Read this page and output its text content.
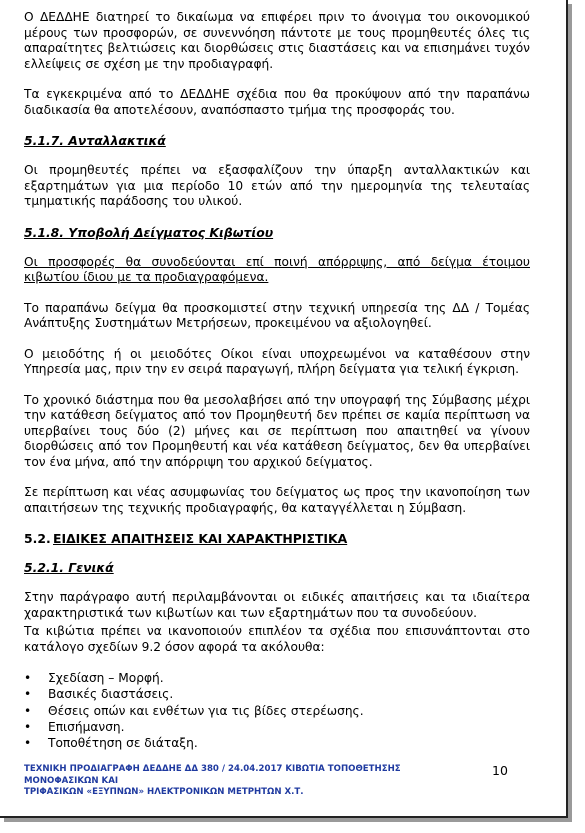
Ο ΔΕΔΔΗΕ διατηρεί το δικαίωμα να επιφέρει πριν το άνοιγμα του οικονομικού μέρους των προσφορών, σε συνεννόηση πάντοτε με τους προμηθευτές όλες τις απαραίτητες βελτιώσεις και διορθώσεις στις διαστάσεις και να επισημάνει τυχόν ελλείψεις σε σχέση με την προδιαγραφή.

Τα εγκεκριμένα από το ΔΕΔΔΗΕ σχέδια που θα προκύψουν από την παραπάνω διαδικασία θα αποτελέσουν, αναπόσπαστο τμήμα της προσφοράς του.

5.1.7. Ανταλλακτικά

Οι προμηθευτές πρέπει να εξασφαλίζουν την ύπαρξη ανταλλακτικών και εξαρτημάτων για μια περίοδο 10 ετών από την ημερομηνία της τελευταίας τμηματικής παράδοσης του υλικού.

5.1.8. Υποβολή Δείγματος Κιβωτίου

Οι προσφορές θα συνοδεύονται επί ποινή απόρριψης, από δείγμα έτοιμου κιβωτίου ίδιου με τα προδιαγραφόμενα.

Το παραπάνω δείγμα θα προσκομιστεί στην τεχνική υπηρεσία της ΔΔ / Τομέας Ανάπτυξης Συστημάτων Μετρήσεων, προκειμένου να αξιολογηθεί.

Ο μειοδότης ή οι μειοδότες Οίκοι είναι υποχρεωμένοι να καταθέσουν στην Υπηρεσία μας, πριν την εν σειρά παραγωγή, πλήρη δείγματα για τελική έγκριση.

Το χρονικό διάστημα που θα μεσολαβήσει από την υπογραφή της Σύμβασης μέχρι την κατάθεση δείγματος από τον Προμηθευτή δεν πρέπει σε καμία περίπτωση να υπερβαίνει τους δύο (2) μήνες και σε περίπτωση που απαιτηθεί να γίνουν διορθώσεις από τον Προμηθευτή και νέα κατάθεση δείγματος, δεν θα υπερβαίνει τον ένα μήνα, από την απόρριψη του αρχικού δείγματος.

Σε περίπτωση και νέας ασυμφωνίας του δείγματος ως προς την ικανοποίηση των απαιτήσεων της τεχνικής προδιαγραφής, θα καταγγέλλεται η Σύμβαση.

5.2. ΕΙΔΙΚΕΣ ΑΠΑΙΤΗΣΕΙΣ ΚΑΙ ΧΑΡΑΚΤΗΡΙΣΤΙΚΑ
5.2.1. Γενικά

Στην παράγραφο αυτή περιλαμβάνονται οι ειδικές απαιτήσεις και τα ιδιαίτερα χαρακτηριστικά των κιβωτίων και των εξαρτημάτων που τα συνοδεύουν.

Τα κιβώτια πρέπει να ικανοποιούν επιπλέον τα σχέδια που επισυνάπτονται στο κατάλογο σχεδίων 9.2 όσον αφορά τα ακόλουθα:

• Σχεδίαση – Μορφή.
• Βασικές διαστάσεις.
• Θέσεις οπών και ενθέτων για τις βίδες στερέωσης.
• Επισήμανση.
• Τοποθέτηση σε διάταξη.
ΤΕΧΝΙΚΗ ΠΡΟΔΙΑΓΡΑΦΗ ΔΕΔΔΗΕ ΔΔ 380 / 24.04.2017 ΚΙΒΩΤΙΑ ΤΟΠΟΘΕΤΗΣΗΣ ΜΟΝΟΦΑΣΙΚΩΝ ΚΑΙ
ΤΡΙΦΑΣΙΚΩΝ «ΕΞΥΠΝΩΝ» ΗΛΕΚΤΡΟΝΙΚΩΝ ΜΕΤΡΗΤΩΝ Χ.Τ.
10
